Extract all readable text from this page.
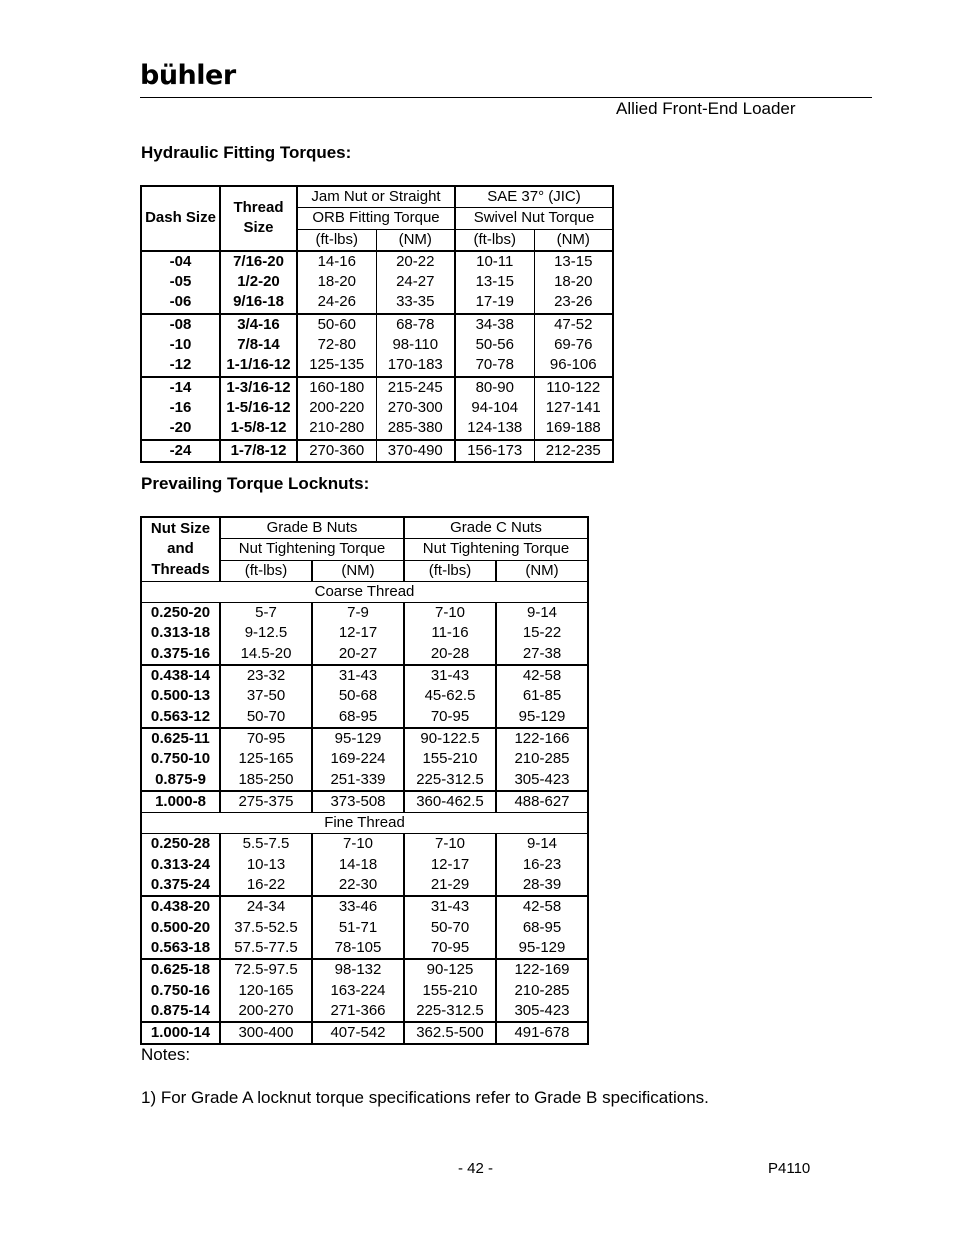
bühler
Allied Front-End Loader
Hydraulic Fitting Torques:
Dash Size	Thread
Size	Jam Nut or Straight		SAE 37° (JIC)	
		ORB Fitting Torque		Swivel Nut Torque	
		(ft-lbs)	(NM)	(ft-lbs)	(NM)
-04	7/16-20	14-16	20-22	10-11	13-15
-05	1/2-20	18-20	24-27	13-15	18-20
-06	9/16-18	24-26	33-35	17-19	23-26
-08	3/4-16	50-60	68-78	34-38	47-52
-10	7/8-14	72-80	98-110	50-56	69-76
-12	1-1/16-12	125-135	170-183	70-78	96-106
-14	1-3/16-12	160-180	215-245	80-90	110-122
-16	1-5/16-12	200-220	270-300	94-104	127-141
-20	1-5/8-12	210-280	285-380	124-138	169-188
-24	1-7/8-12	270-360	370-490	156-173	212-235
Prevailing Torque Locknuts:
Nut Size
and
Threads	Grade B Nuts		Grade C Nuts	
	Nut Tightening Torque		Nut Tightening Torque	
	(ft-lbs)	(NM)	(ft-lbs)	(NM)
Coarse Thread				
0.250-20	5-7	7-9	7-10	9-14
0.313-18	9-12.5	12-17	11-16	15-22
0.375-16	14.5-20	20-27	20-28	27-38
0.438-14	23-32	31-43	31-43	42-58
0.500-13	37-50	50-68	45-62.5	61-85
0.563-12	50-70	68-95	70-95	95-129
0.625-11	70-95	95-129	90-122.5	122-166
0.750-10	125-165	169-224	155-210	210-285
0.875-9	185-250	251-339	225-312.5	305-423
1.000-8	275-375	373-508	360-462.5	488-627
Fine Thread				
0.250-28	5.5-7.5	7-10	7-10	9-14
0.313-24	10-13	14-18	12-17	16-23
0.375-24	16-22	22-30	21-29	28-39
0.438-20	24-34	33-46	31-43	42-58
0.500-20	37.5-52.5	51-71	50-70	68-95
0.563-18	57.5-77.5	78-105	70-95	95-129
0.625-18	72.5-97.5	98-132	90-125	122-169
0.750-16	120-165	163-224	155-210	210-285
0.875-14	200-270	271-366	225-312.5	305-423
1.000-14	300-400	407-542	362.5-500	491-678
Notes:
1) For Grade A locknut torque specifications refer to Grade B specifications.
- 42 -	P4110
